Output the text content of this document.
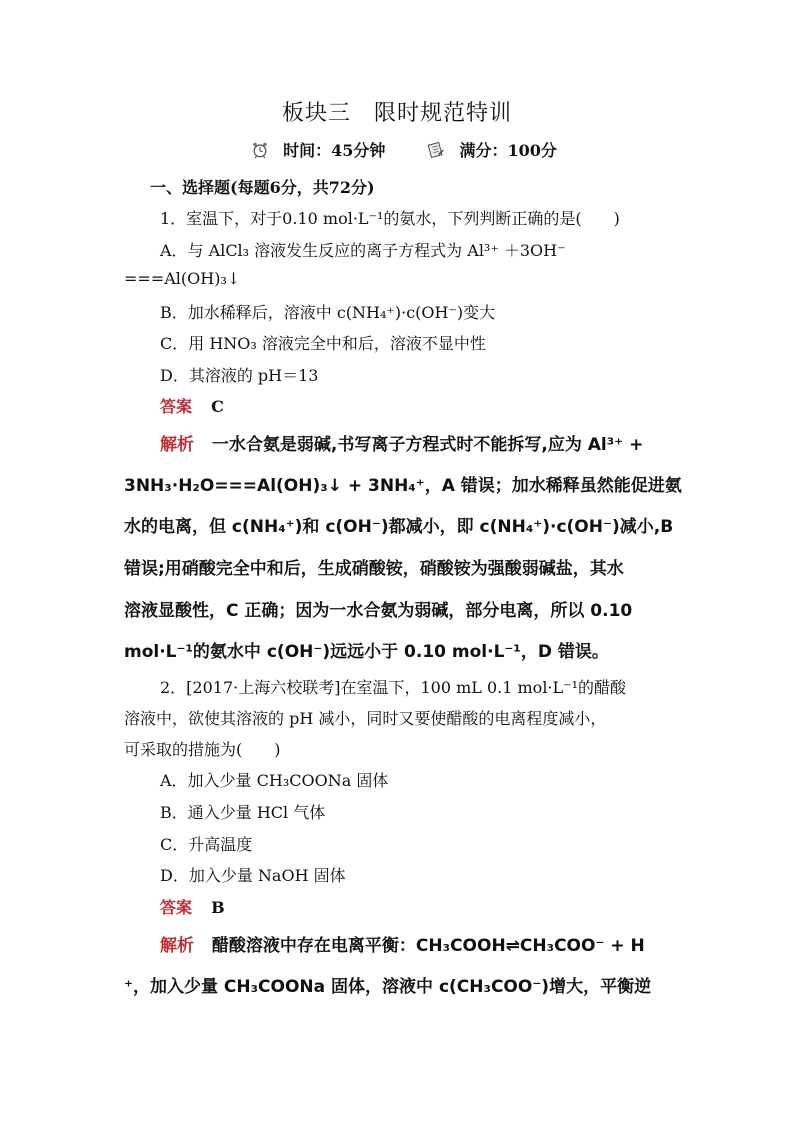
板块三　限时规范特训
时间：45分钟	满分：100分
一、选择题(每题6分，共72分)
1．室温下，对于0.10 mol·L⁻¹的氨水，下列判断正确的是(　　)
A．与 AlCl₃ 溶液发生反应的离子方程式为 Al³⁺ ＋3OH⁻
===Al(OH)₃↓
B．加水稀释后，溶液中 c(NH₄⁺)·c(OH⁻)变大
C．用 HNO₃ 溶液完全中和后，溶液不显中性
D．其溶液的 pH＝13
答案 C
解析 一水合氨是弱碱,书写离子方程式时不能拆写,应为 Al³⁺ +
3NH₃·H₂O===Al(OH)₃↓ + 3NH₄⁺，A 错误；加水稀释虽然能促进氨
水的电离，但 c(NH₄⁺)和 c(OH⁻)都减小，即 c(NH₄⁺)·c(OH⁻)减小,B
错误;用硝酸完全中和后，生成硝酸铵，硝酸铵为强酸弱碱盐，其水
溶液显酸性，C 正确；因为一水合氨为弱碱，部分电离，所以 0.10
mol·L⁻¹的氨水中 c(OH⁻)远远小于 0.10 mol·L⁻¹，D 错误。
2．[2017·上海六校联考]在室温下，100 mL 0.1 mol·L⁻¹的醋酸
溶液中，欲使其溶液的 pH 减小，同时又要使醋酸的电离程度减小，
可采取的措施为(　　)
A．加入少量 CH₃COONa 固体
B．通入少量 HCl 气体
C．升高温度
D．加入少量 NaOH 固体
答案 B
解析 醋酸溶液中存在电离平衡：CH₃COOH⇌CH₃COO⁻ + H
⁺，加入少量 CH₃COONa 固体，溶液中 c(CH₃COO⁻)增大，平衡逆
